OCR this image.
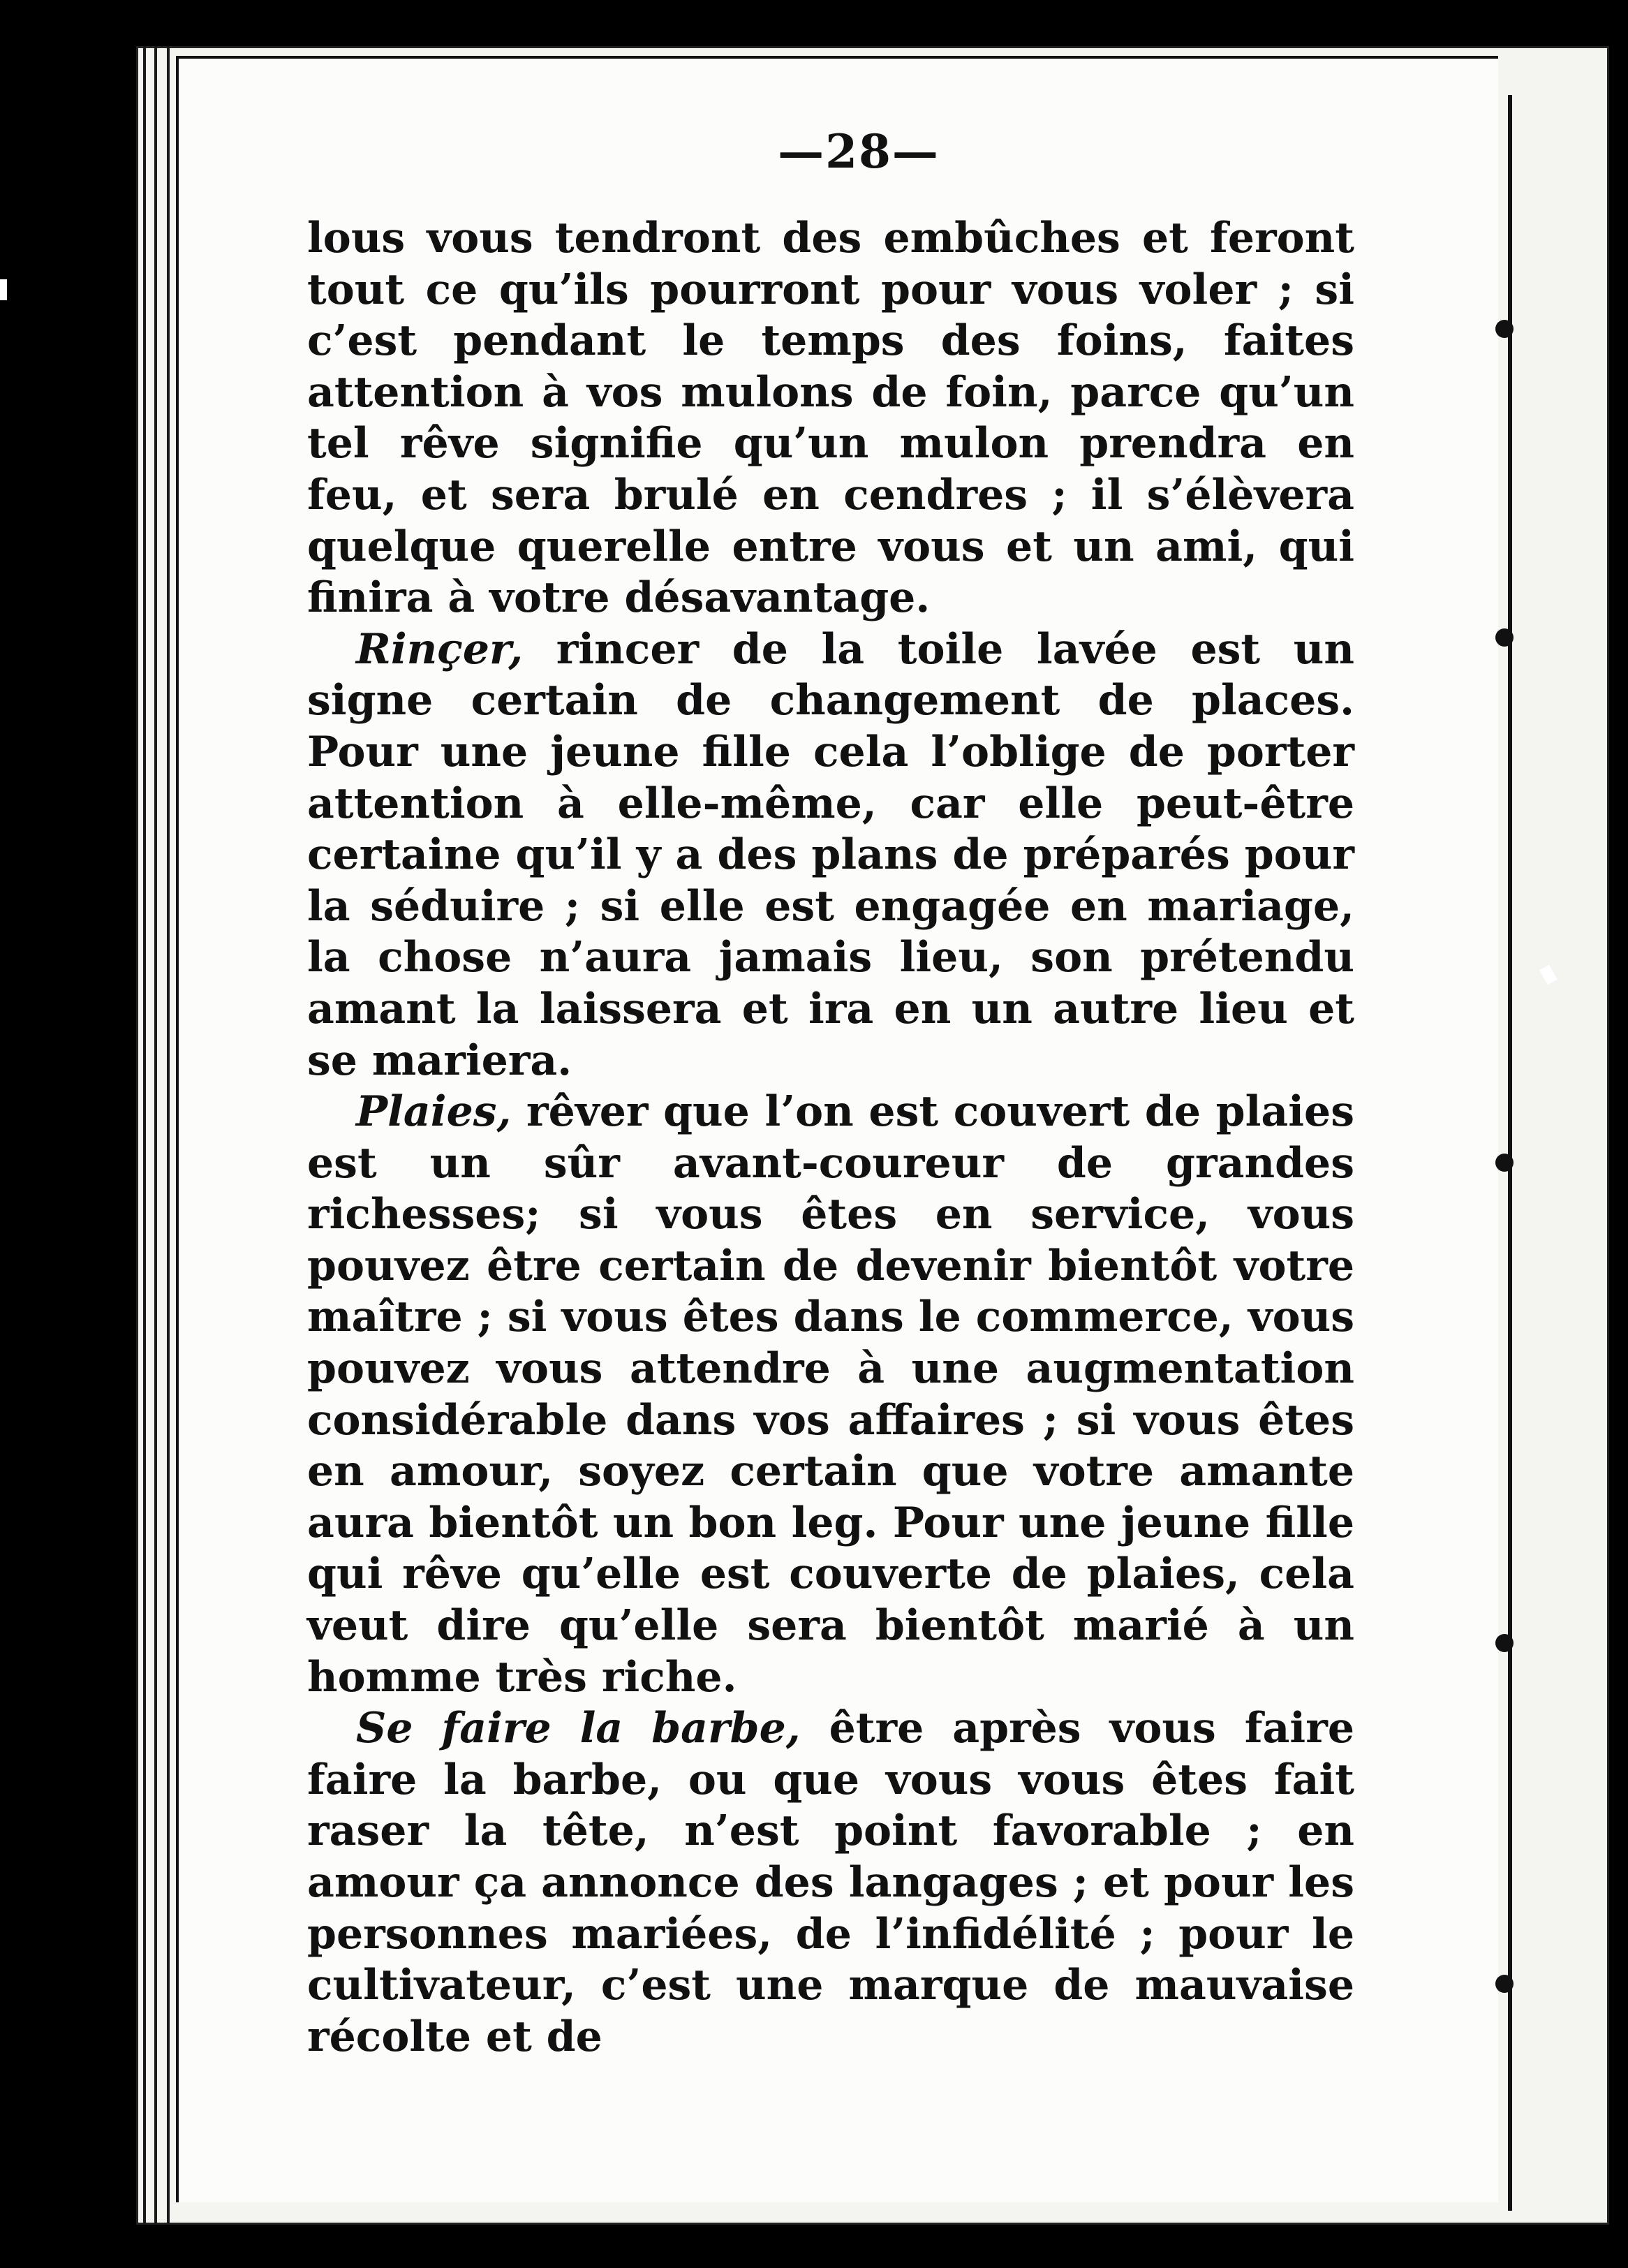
—28—

lous vous tendront des embûches et feront tout ce qu’ils pourront pour vous voler ; si c’est pendant le temps des foins, faites attention à vos mulons de foin, parce qu’un tel rêve signifie qu’un mulon prendra en feu, et sera brulé en cendres ; il s’élèvera quelque querelle entre vous et un ami, qui finira à votre désavantage.

Rinçer, rincer de la toile lavée est un signe certain de changement de places. Pour une jeune fille cela l’oblige de porter attention à elle-même, car elle peut-être certaine qu’il y a des plans de préparés pour la séduire ; si elle est engagée en mariage, la chose n’aura jamais lieu, son prétendu amant la laissera et ira en un autre lieu et se mariera.

Plaies, rêver que l’on est couvert de plaies est un sûr avant-coureur de grandes richesses; si vous êtes en service, vous pouvez être certain de devenir bientôt votre maître ; si vous êtes dans le commerce, vous pouvez vous attendre à une augmentation considérable dans vos affaires ; si vous êtes en amour, soyez certain que votre amante aura bientôt un bon leg. Pour une jeune fille qui rêve qu’elle est couverte de plaies, cela veut dire qu’elle sera bientôt marié à un homme très riche.

Se faire la barbe, être après vous faire faire la barbe, ou que vous vous êtes fait raser la tête, n’est point favorable ; en amour ça annonce des langages ; et pour les personnes mariées, de l’infidélité ; pour le cultivateur, c’est une marque de mauvaise récolte et de
